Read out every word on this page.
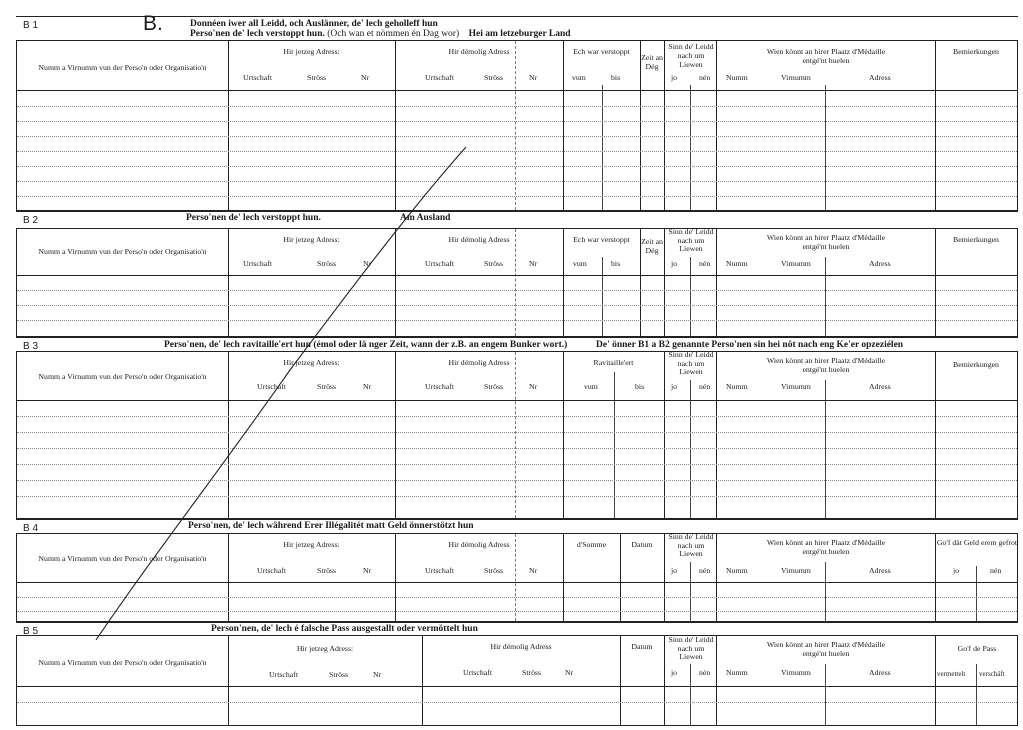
B 1	B.	Donnéen iwer all Leidd, och Auslänner, de' lech geholleff hun
Perso'nen de' lech verstoppt hun. (Och wan et nömmen én Dag wor) Hei am letzeburger Land
Numm a Virnumm vun der Perso'n oder Organisatio'n
Hir jetzeg Adress:
Urtschaft	Ströss	Nr
Hir démolig Adress
Urtschaft	Ströss	Nr
Ech war verstoppt
vum	bis
Zeit an Dég
Sinn de' Leidd nach um Liewen
jo	nén
Wien könnt an hirer Plaatz d'Médaille entgé'nt huelen
Numm	Virnumm	Adress
Bemierkungen
B 2	Perso'nen de' lech verstoppt hun.	Am Ausland
Numm a Virnumm vun der Perso'n oder Organisatio'n
Hir jetzeg Adress:
Urtschaft	Ströss	Nr
Hir démolig Adress
Urtschaft	Ströss	Nr
Ech war verstoppt
vum	bis
Zeit an Dég
Sinn de' Leidd nach um Liewen
jo	nén
Wien könnt an hirer Plaatz d'Médaille entgé'nt huelen
Numm	Virnumm	Adress
Bemierkungen
B 3	Perso'nen, de' lech ravitaille'ert hun (émol oder lä nger Zeit, wann der z.B. an engem Bunker wort.)	De' önner B1 a B2 genannte Perso'nen sin hei nöt nach eng Ke'er opzeziélen
Numm a Virnumm vun der Perso'n oder Organisatio'n
Hir jetzeg Adress:
Urtschaft	Ströss	Nr
Hir démolig Adress
Urtschaft	Ströss	Nr
Ravitaille'ert
vum	bis
Sinn de' Leidd nach um Liewen
jo	nén
Wien könnt an hirer Plaatz d'Médaille entgé'nt huelen
Numm	Virnumm	Adress
Bemierkungen
B 4	Perso'nen, de' lech während Erer Illégalitét matt Geld önnerstötzt hun
Numm a Virnumm vun der Perso'n oder Organisatio'n
Hir jetzeg Adress:
Urtschaft	Ströss	Nr
Hir démolig Adress
Urtschaft	Ströss	Nr
d'Somme	Datum
Sinn de' Leidd nach um Liewen
jo	nén
Wien könnt an hirer Plaatz d'Médaille entgé'nt huelen
Numm	Virnumm	Adress
Go'f dät Geld erem gefrot
jo	nén
B 5	Person'nen, de' lech é falsche Pass ausgestallt oder vermöttelt hun
Numm a Virnumm vun der Perso'n oder Organisatio'n
Hir jetzeg Adress:
Urtschaft	Ströss	Nr
Hir démolig Adress
Urtschaft	Ströss	Nr
Datum
Sinn de' Leidd nach um Liewen
jo	nén
Wien könnt an hirer Plaatz d'Médaille entgé'nt huelen
Numm	Virnumm	Adress
Go'f de Pass
vermettelt verschäft
